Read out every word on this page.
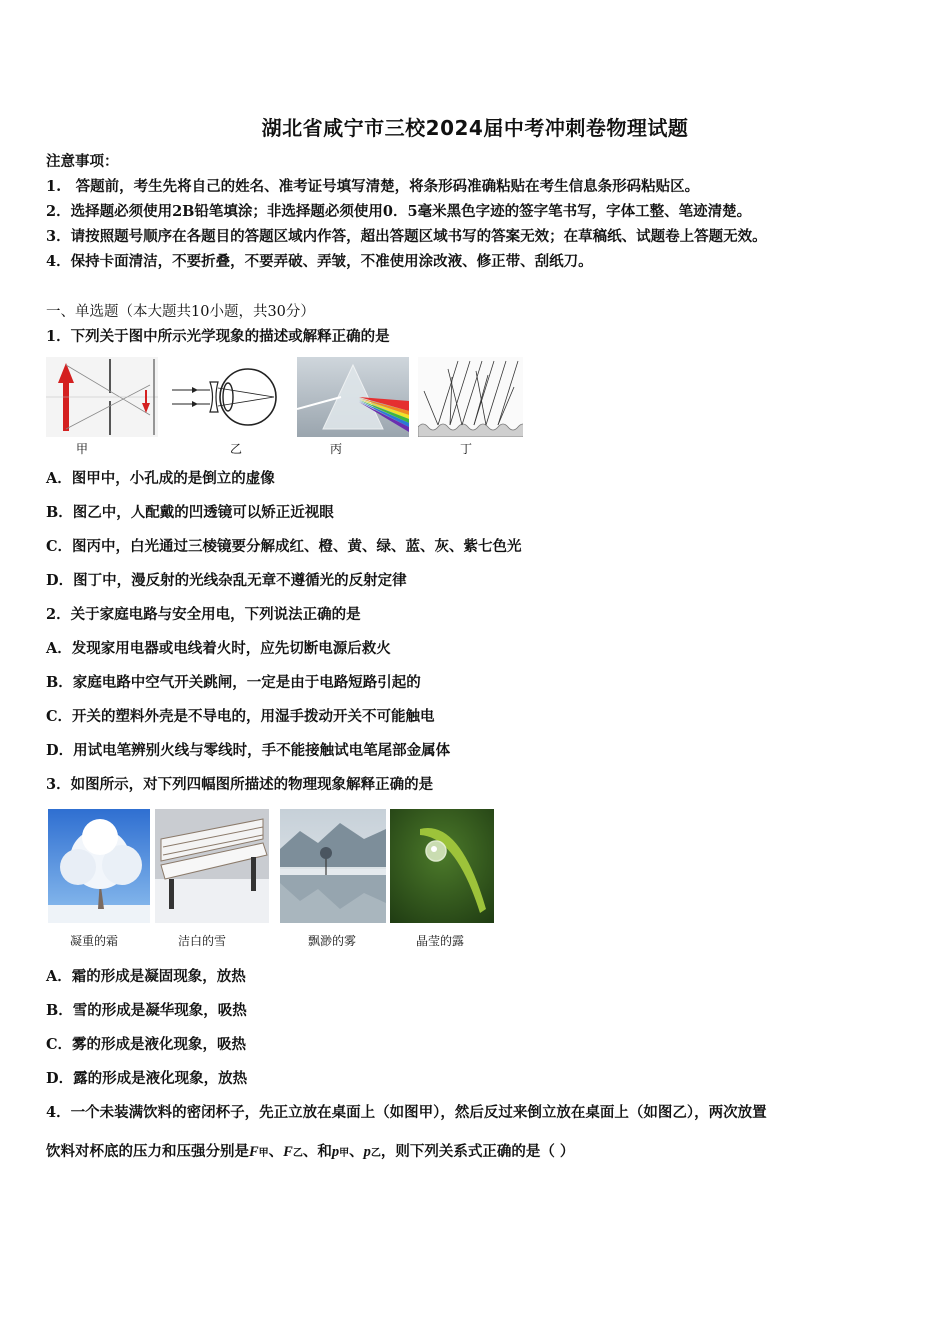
湖北省咸宁市三校2024届中考冲刺卷物理试题
注意事项：
1.　答题前，考生先将自己的姓名、准考证号填写清楚，将条形码准确粘贴在考生信息条形码粘贴区。
2．选择题必须使用2B铅笔填涂；非选择题必须使用0．5毫米黑色字迹的签字笔书写，字体工整、笔迹清楚。
3．请按照题号顺序在各题目的答题区域内作答，超出答题区域书写的答案无效；在草稿纸、试题卷上答题无效。
4．保持卡面清洁，不要折叠，不要弄破、弄皱，不准使用涂改液、修正带、刮纸刀。
一、单选题（本大题共10小题，共30分）
1．下列关于图中所示光学现象的描述或解释正确的是
甲	乙	丙	丁
A．图甲中，小孔成的是倒立的虚像
B．图乙中，人配戴的凹透镜可以矫正近视眼
C．图丙中，白光通过三棱镜要分解成红、橙、黄、绿、蓝、灰、紫七色光
D．图丁中，漫反射的光线杂乱无章不遵循光的反射定律
2．关于家庭电路与安全用电，下列说法正确的是
A．发现家用电器或电线着火时，应先切断电源后救火
B．家庭电路中空气开关跳闸，一定是由于电路短路引起的
C．开关的塑料外壳是不导电的，用湿手拨动开关不可能触电
D．用试电笔辨别火线与零线时，手不能接触试电笔尾部金属体
3．如图所示，对下列四幅图所描述的物理现象解释正确的是
凝重的霜	洁白的雪	飘渺的雾	晶莹的露
A．霜的形成是凝固现象，放热
B．雪的形成是凝华现象，吸热
C．雾的形成是液化现象，吸热
D．露的形成是液化现象，放热
4．一个未装满饮料的密闭杯子，先正立放在桌面上（如图甲），然后反过来倒立放在桌面上（如图乙），两次放置
饮料对杯底的压力和压强分别是F甲、F乙、和p甲、p乙，则下列关系式正确的是（ ）
